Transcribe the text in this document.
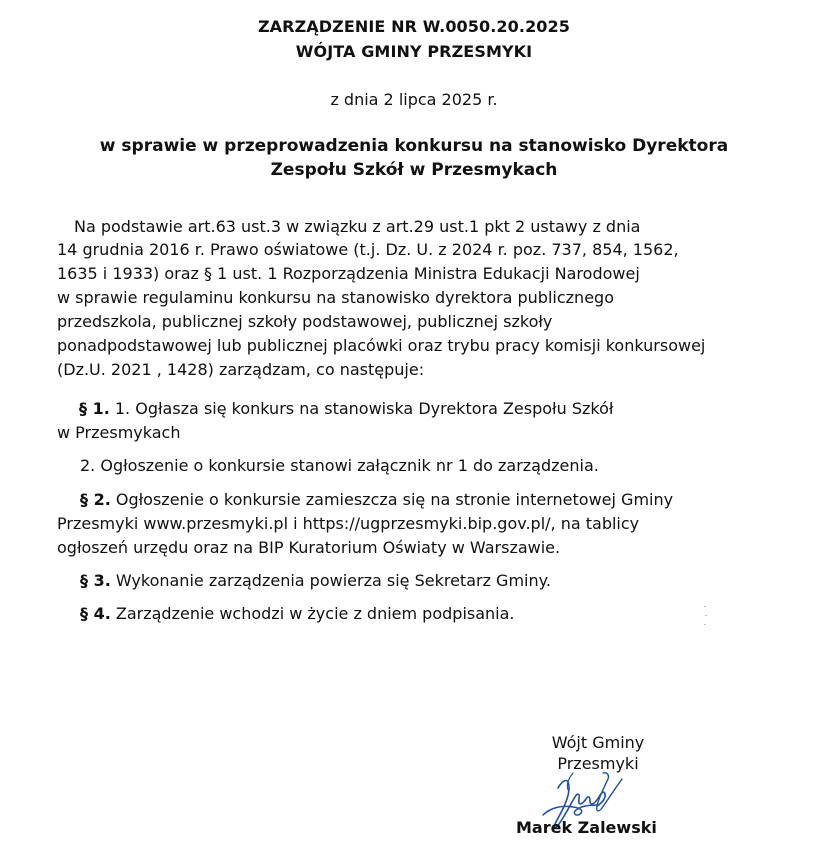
ZARZĄDZENIE NR W.0050.20.2025
WÓJTA GMINY PRZESMYKI
z dnia 2 lipca 2025 r.
w sprawie w przeprowadzenia konkursu na stanowisko Dyrektora
Zespołu Szkół w Przesmykach
Na podstawie art.63 ust.3 w związku z art.29 ust.1 pkt 2 ustawy z dnia
14 grudnia 2016 r. Prawo oświatowe (t.j. Dz. U. z 2024 r. poz. 737, 854, 1562,
1635 i 1933) oraz § 1 ust. 1 Rozporządzenia Ministra Edukacji Narodowej
w sprawie regulaminu konkursu na stanowisko dyrektora publicznego
przedszkola, publicznej szkoły podstawowej, publicznej szkoły
ponadpodstawowej lub publicznej placówki oraz trybu pracy komisji konkursowej
(Dz.U. 2021 , 1428) zarządzam, co następuje:
§ 1. 1. Ogłasza się konkurs na stanowiska Dyrektora Zespołu Szkół
w Przesmykach
2. Ogłoszenie o konkursie stanowi załącznik nr 1 do zarządzenia.
§ 2. Ogłoszenie o konkursie zamieszcza się na stronie internetowej Gminy
Przesmyki www.przesmyki.pl i https://ugprzesmyki.bip.gov.pl/, na tablicy
ogłoszeń urzędu oraz na BIP Kuratorium Oświaty w Warszawie.
§ 3. Wykonanie zarządzenia powierza się Sekretarz Gminy.
§ 4. Zarządzenie wchodzi w życie z dniem podpisania.
Wójt Gminy
Przesmyki
Marek Zalewski
